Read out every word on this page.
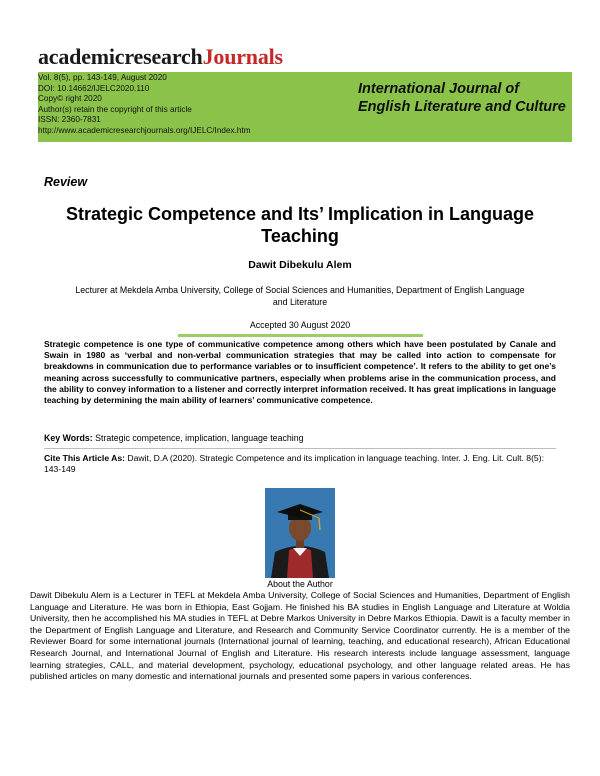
academicresearchJournals
Vol. 8(5), pp. 143-149, August 2020
DOI: 10.14662/IJELC2020.110
Copy© right 2020
Author(s) retain the copyright of this article
ISSN: 2360-7831
http://www.academicresearchjournals.org/IJELC/Index.htm
International Journal of English Literature and Culture
Review
Strategic Competence and Its’ Implication in Language Teaching
Dawit Dibekulu Alem
Lecturer at Mekdela Amba University, College of Social Sciences and Humanities, Department of English Language and Literature
Accepted 30 August 2020
Strategic competence is one type of communicative competence among others which have been postulated by Canale and Swain in 1980 as ‘verbal and non-verbal communication strategies that may be called into action to compensate for breakdowns in communication due to performance variables or to insufficient competence’. It refers to the ability to get one’s meaning across successfully to communicative partners, especially when problems arise in the communication process, and the ability to convey information to a listener and correctly interpret information received. It has great implications in language teaching by determining the main ability of learners’ communicative competence.
Key Words: Strategic competence, implication, language teaching
Cite This Article As: Dawit, D.A (2020). Strategic Competence and its implication in language teaching. Inter. J. Eng. Lit. Cult. 8(5): 143-149
About the Author
Dawit Dibekulu Alem is a Lecturer in TEFL at Mekdela Amba University, College of Social Sciences and Humanities, Department of English Language and Literature. He was born in Ethiopia, East Gojjam. He finished his BA studies in English Language and Literature at Woldia University, then he accomplished his MA studies in TEFL at Debre Markos University in Debre Markos Ethiopia. Dawit is a faculty member in the Department of English Language and Literature, and Research and Community Service Coordinator currently. He is a member of the Reviewer Board for some international journals (International journal of learning, teaching, and educational research), African Educational Research Journal, and International Journal of English and Literature. His research interests include language assessment, language learning strategies, CALL, and material development, psychology, educational psychology, and other language related areas. He has published articles on many domestic and international journals and presented some papers in various conferences.
